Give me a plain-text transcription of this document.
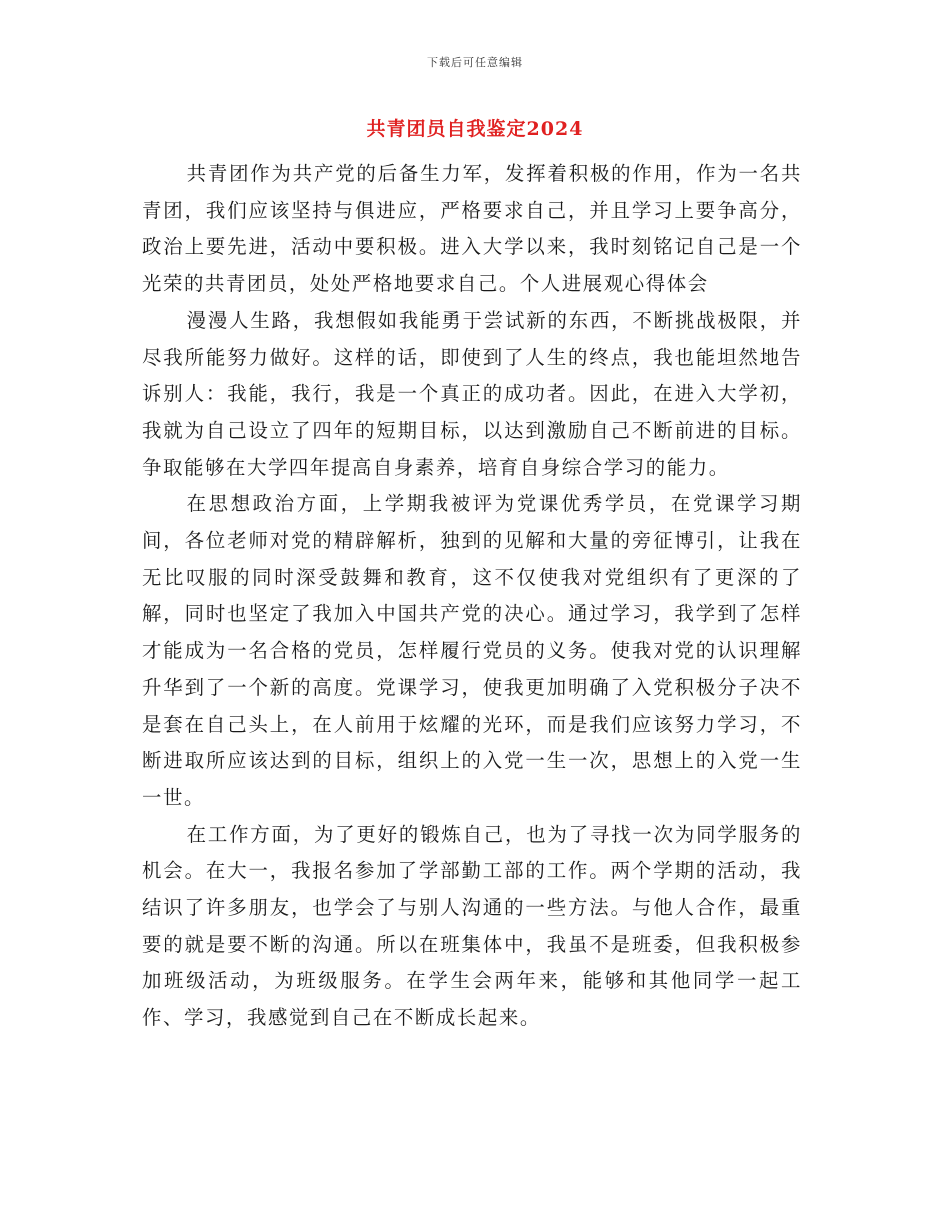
下载后可任意编辑
共青团员自我鉴定2024

共青团作为共产党的后备生力军，发挥着积极的作用，作为一名共青团，我们应该坚持与俱进应，严格要求自己，并且学习上要争高分，政治上要先进，活动中要积极。进入大学以来，我时刻铭记自己是一个光荣的共青团员，处处严格地要求自己。个人进展观心得体会

漫漫人生路，我想假如我能勇于尝试新的东西，不断挑战极限，并尽我所能努力做好。这样的话，即使到了人生的终点，我也能坦然地告诉别人：我能，我行，我是一个真正的成功者。因此，在进入大学初，我就为自己设立了四年的短期目标，以达到激励自己不断前进的目标。争取能够在大学四年提高自身素养，培育自身综合学习的能力。

在思想政治方面，上学期我被评为党课优秀学员，在党课学习期间，各位老师对党的精辟解析，独到的见解和大量的旁征博引，让我在无比叹服的同时深受鼓舞和教育，这不仅使我对党组织有了更深的了解，同时也坚定了我加入中国共产党的决心。通过学习，我学到了怎样才能成为一名合格的党员，怎样履行党员的义务。使我对党的认识理解升华到了一个新的高度。党课学习，使我更加明确了入党积极分子决不是套在自己头上，在人前用于炫耀的光环，而是我们应该努力学习，不断进取所应该达到的目标，组织上的入党一生一次，思想上的入党一生一世。

在工作方面，为了更好的锻炼自己，也为了寻找一次为同学服务的机会。在大一，我报名参加了学部勤工部的工作。两个学期的活动，我结识了许多朋友，也学会了与别人沟通的一些方法。与他人合作，最重要的就是要不断的沟通。所以在班集体中，我虽不是班委，但我积极参加班级活动，为班级服务。在学生会两年来，能够和其他同学一起工作、学习，我感觉到自己在不断成长起来。
